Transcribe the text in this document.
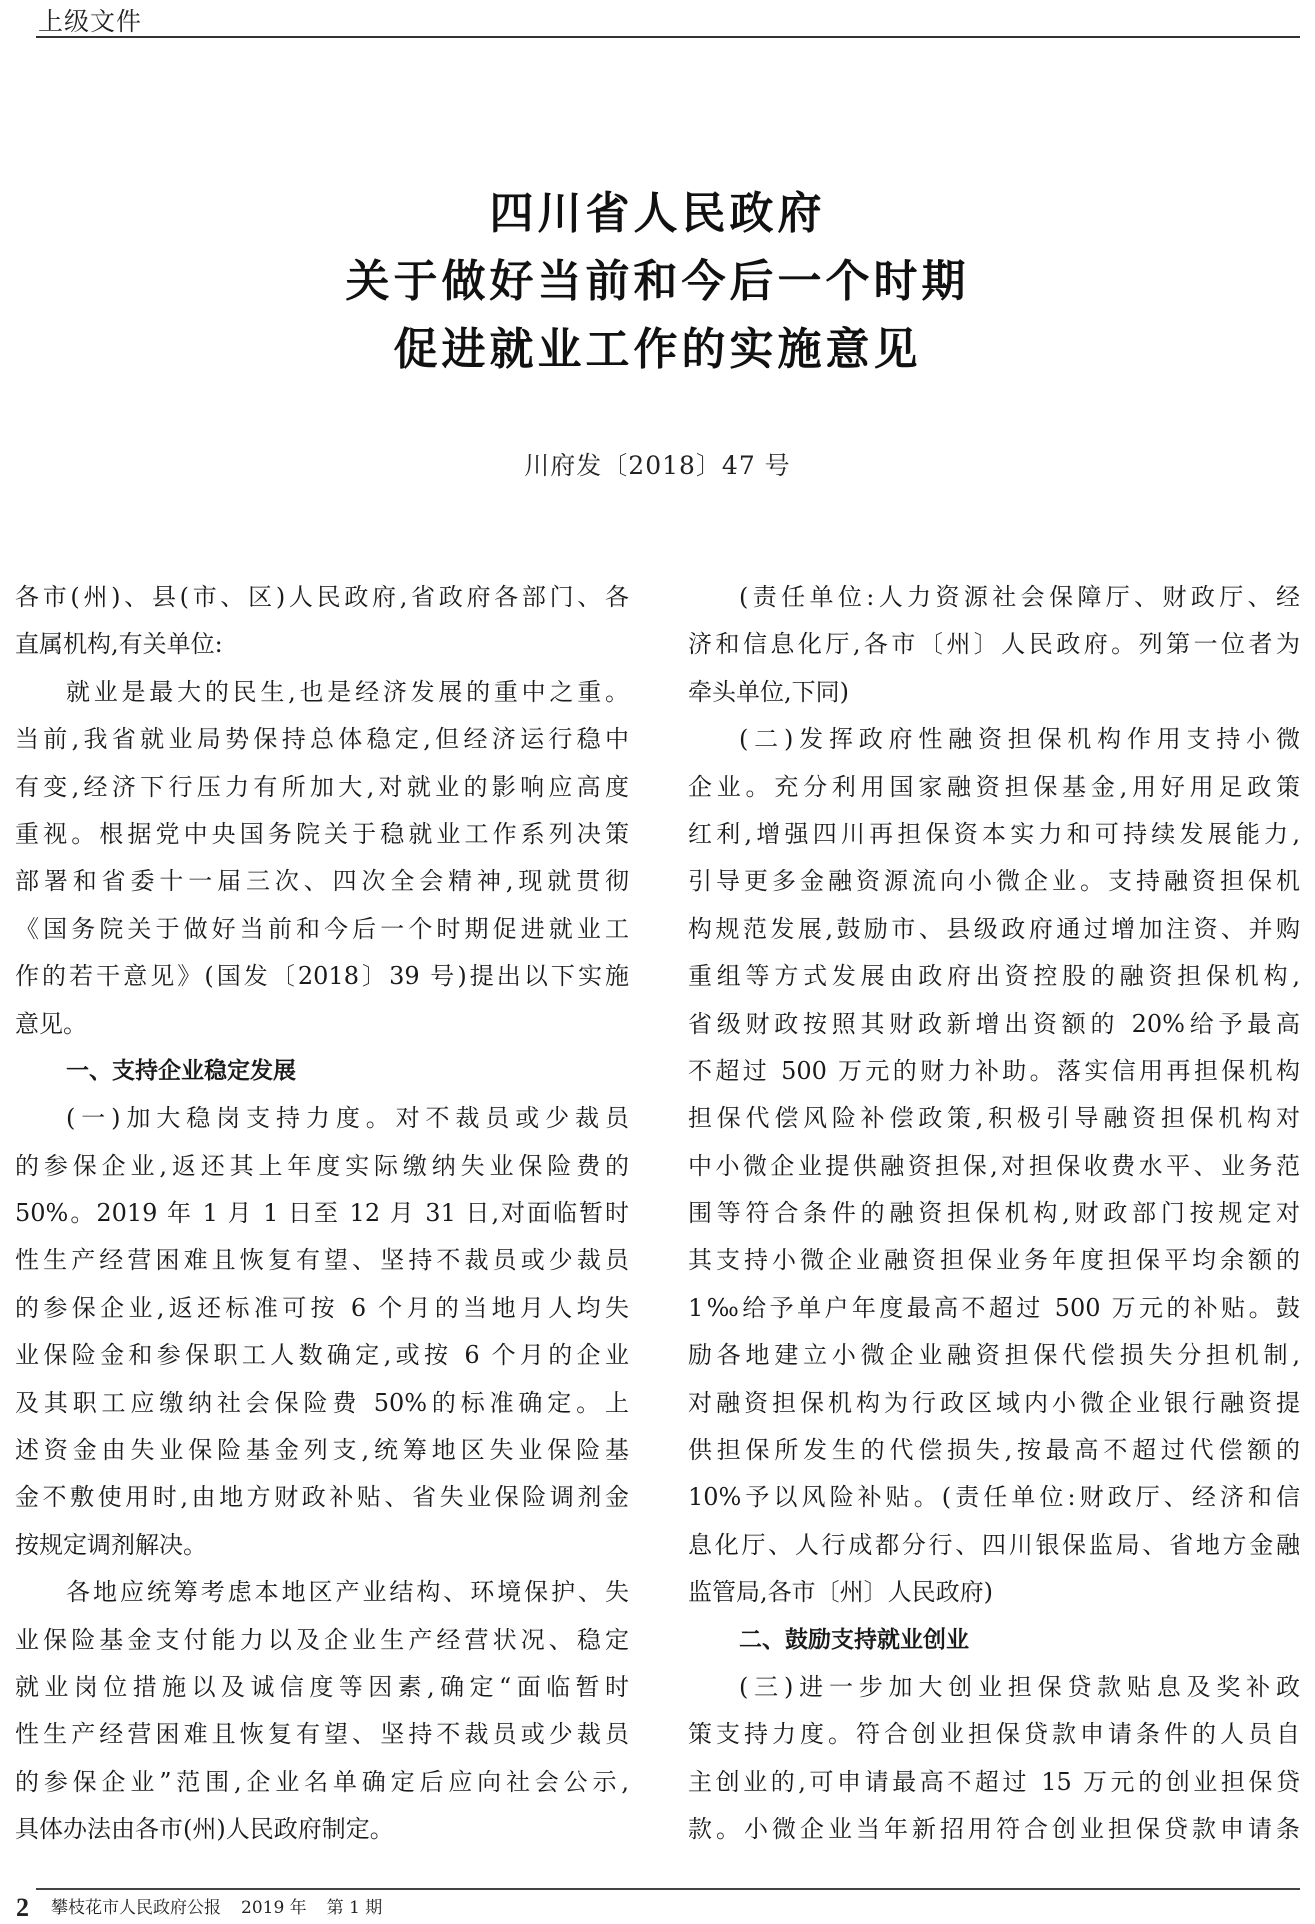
上级文件
四川省人民政府
关于做好当前和今后一个时期
促进就业工作的实施意见
川府发〔2018〕47 号
各市(州)、县(市、区)人民政府,省政府各部门、各
直属机构,有关单位:
就业是最大的民生,也是经济发展的重中之重。
当前,我省就业局势保持总体稳定,但经济运行稳中
有变,经济下行压力有所加大,对就业的影响应高度
重视。根据党中央国务院关于稳就业工作系列决策
部署和省委十一届三次、四次全会精神,现就贯彻
《国务院关于做好当前和今后一个时期促进就业工
作的若干意见》(国发〔2018〕39 号)提出以下实施
意见。
一、支持企业稳定发展
(一)加大稳岗支持力度。对不裁员或少裁员
的参保企业,返还其上年度实际缴纳失业保险费的
50%。2019 年 1 月 1 日至 12 月 31 日,对面临暂时
性生产经营困难且恢复有望、坚持不裁员或少裁员
的参保企业,返还标准可按 6 个月的当地月人均失
业保险金和参保职工人数确定,或按 6 个月的企业
及其职工应缴纳社会保险费 50%的标准确定。上
述资金由失业保险基金列支,统筹地区失业保险基
金不敷使用时,由地方财政补贴、省失业保险调剂金
按规定调剂解决。
各地应统筹考虑本地区产业结构、环境保护、失
业保险基金支付能力以及企业生产经营状况、稳定
就业岗位措施以及诚信度等因素,确定“面临暂时
性生产经营困难且恢复有望、坚持不裁员或少裁员
的参保企业”范围,企业名单确定后应向社会公示,
具体办法由各市(州)人民政府制定。
(责任单位:人力资源社会保障厅、财政厅、经
济和信息化厅,各市〔州〕人民政府。列第一位者为
牵头单位,下同)
(二)发挥政府性融资担保机构作用支持小微
企业。充分利用国家融资担保基金,用好用足政策
红利,增强四川再担保资本实力和可持续发展能力,
引导更多金融资源流向小微企业。支持融资担保机
构规范发展,鼓励市、县级政府通过增加注资、并购
重组等方式发展由政府出资控股的融资担保机构,
省级财政按照其财政新增出资额的 20%给予最高
不超过 500 万元的财力补助。落实信用再担保机构
担保代偿风险补偿政策,积极引导融资担保机构对
中小微企业提供融资担保,对担保收费水平、业务范
围等符合条件的融资担保机构,财政部门按规定对
其支持小微企业融资担保业务年度担保平均余额的
1‰给予单户年度最高不超过 500 万元的补贴。鼓
励各地建立小微企业融资担保代偿损失分担机制,
对融资担保机构为行政区域内小微企业银行融资提
供担保所发生的代偿损失,按最高不超过代偿额的
10%予以风险补贴。(责任单位:财政厅、经济和信
息化厅、人行成都分行、四川银保监局、省地方金融
监管局,各市〔州〕人民政府)
二、鼓励支持就业创业
(三)进一步加大创业担保贷款贴息及奖补政
策支持力度。符合创业担保贷款申请条件的人员自
主创业的,可申请最高不超过 15 万元的创业担保贷
款。小微企业当年新招用符合创业担保贷款申请条
2 攀枝花市人民政府公报 2019 年 第 1 期
